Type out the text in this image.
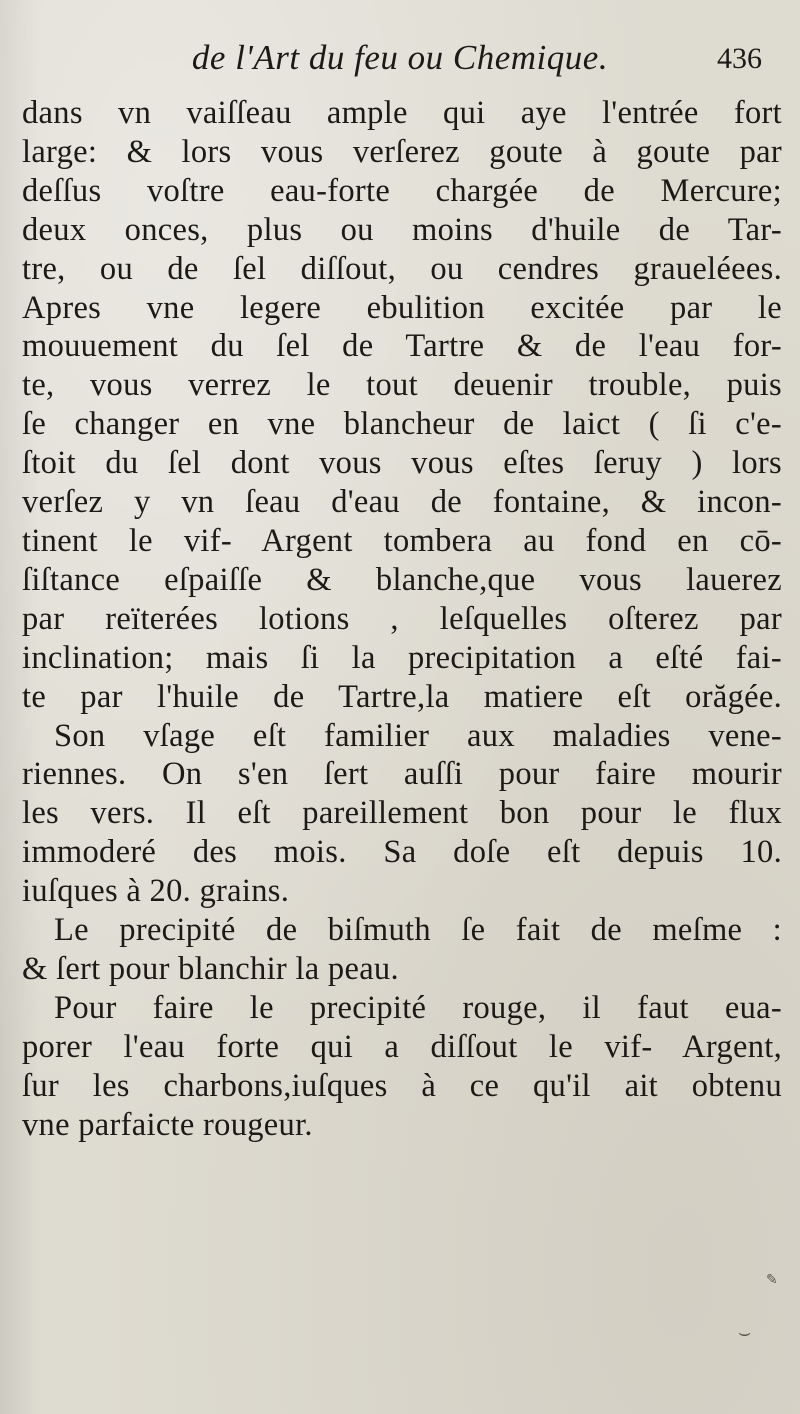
de l'Art du feu ou Chemique.	436
dans vn vaiſſeau ample qui aye l'entrée fort
large: & lors vous verſerez goute à goute par
deſſus voſtre eau-forte chargée de Mercure;
deux onces, plus ou moins d'huile de Tar-
tre, ou de ſel diſſout, ou cendres graueléees.
Apres vne legere ebulition excitée par le
mouuement du ſel de Tartre & de l'eau for-
te, vous verrez le tout deuenir trouble, puis
ſe changer en vne blancheur de laict ( ſi c'e-
ſtoit du ſel dont vous vous eſtes ſeruy ) lors
verſez y vn ſeau d'eau de fontaine, & incon-
tinent le vif- Argent tombera au fond en cō-
ſiſtance eſpaiſſe & blanche,que vous lauerez
par reïterées lotions , leſquelles oſterez par
inclination; mais ſi la precipitation a eſté fai-
te par l'huile de Tartre,la matiere eſt orăgée.
Son vſage eſt familier aux maladies vene-
riennes. On s'en ſert auſſi pour faire mourir
les vers. Il eſt pareillement bon pour le flux
immoderé des mois. Sa doſe eſt depuis 10.
iuſques à 20. grains.
Le precipité de biſmuth ſe fait de meſme :
& ſert pour blanchir la peau.
Pour faire le precipité rouge, il faut eua-
porer l'eau forte qui a diſſout le vif- Argent,
ſur les charbons,iuſques à ce qu'il ait obtenu
vne parfaicte rougeur.
⌣
✎
